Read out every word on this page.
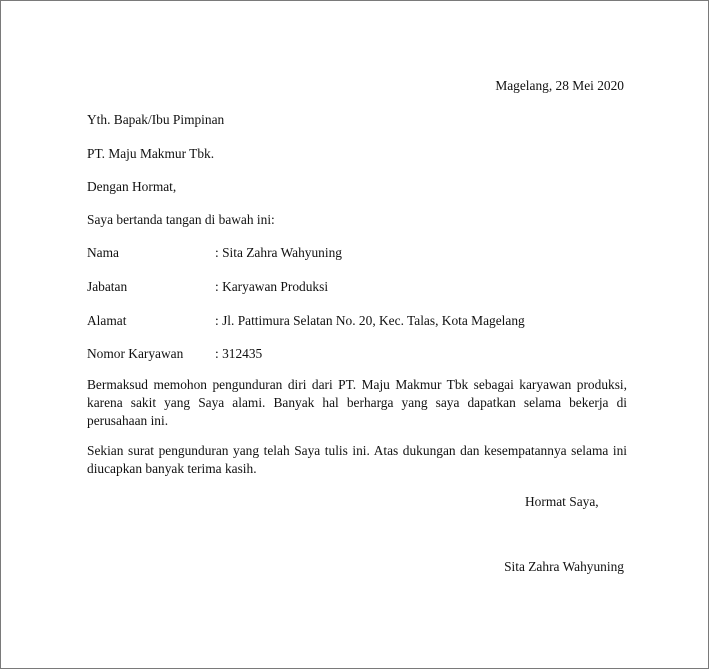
Magelang, 28 Mei 2020
Yth. Bapak/Ibu Pimpinan
PT. Maju Makmur Tbk.
Dengan Hormat,
Saya bertanda tangan di bawah ini:
Nama	: Sita Zahra Wahyuning
Jabatan	: Karyawan Produksi
Alamat	: Jl. Pattimura Selatan No. 20, Kec. Talas, Kota Magelang
Nomor Karyawan : 312435

Bermaksud memohon pengunduran diri dari PT. Maju Makmur Tbk sebagai karyawan produksi, karena sakit yang Saya alami. Banyak hal berharga yang saya dapatkan selama bekerja di perusahaan ini.

Sekian surat pengunduran yang telah Saya tulis ini. Atas dukungan dan kesempatannya selama ini diucapkan banyak terima kasih.

Hormat Saya,
Sita Zahra Wahyuning
